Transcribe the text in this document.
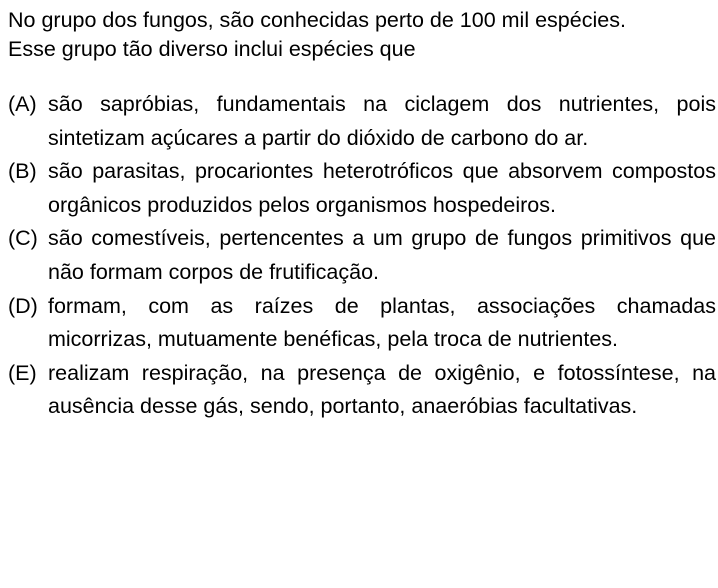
No grupo dos fungos, são conhecidas perto de 100 mil espécies.
Esse grupo tão diverso inclui espécies que

(A) são sapróbias, fundamentais na ciclagem dos nutrientes, pois sintetizam açúcares a partir do dióxido de carbono do ar.
(B) são parasitas, procariontes heterotróficos que absorvem compostos orgânicos produzidos pelos organismos hospedeiros.
(C) são comestíveis, pertencentes a um grupo de fungos primitivos que não formam corpos de frutificação.
(D) formam, com as raízes de plantas, associações chamadas micorrizas, mutuamente benéficas, pela troca de nutrientes.
(E) realizam respiração, na presença de oxigênio, e fotossíntese, na ausência desse gás, sendo, portanto, anaeróbias facultativas.
